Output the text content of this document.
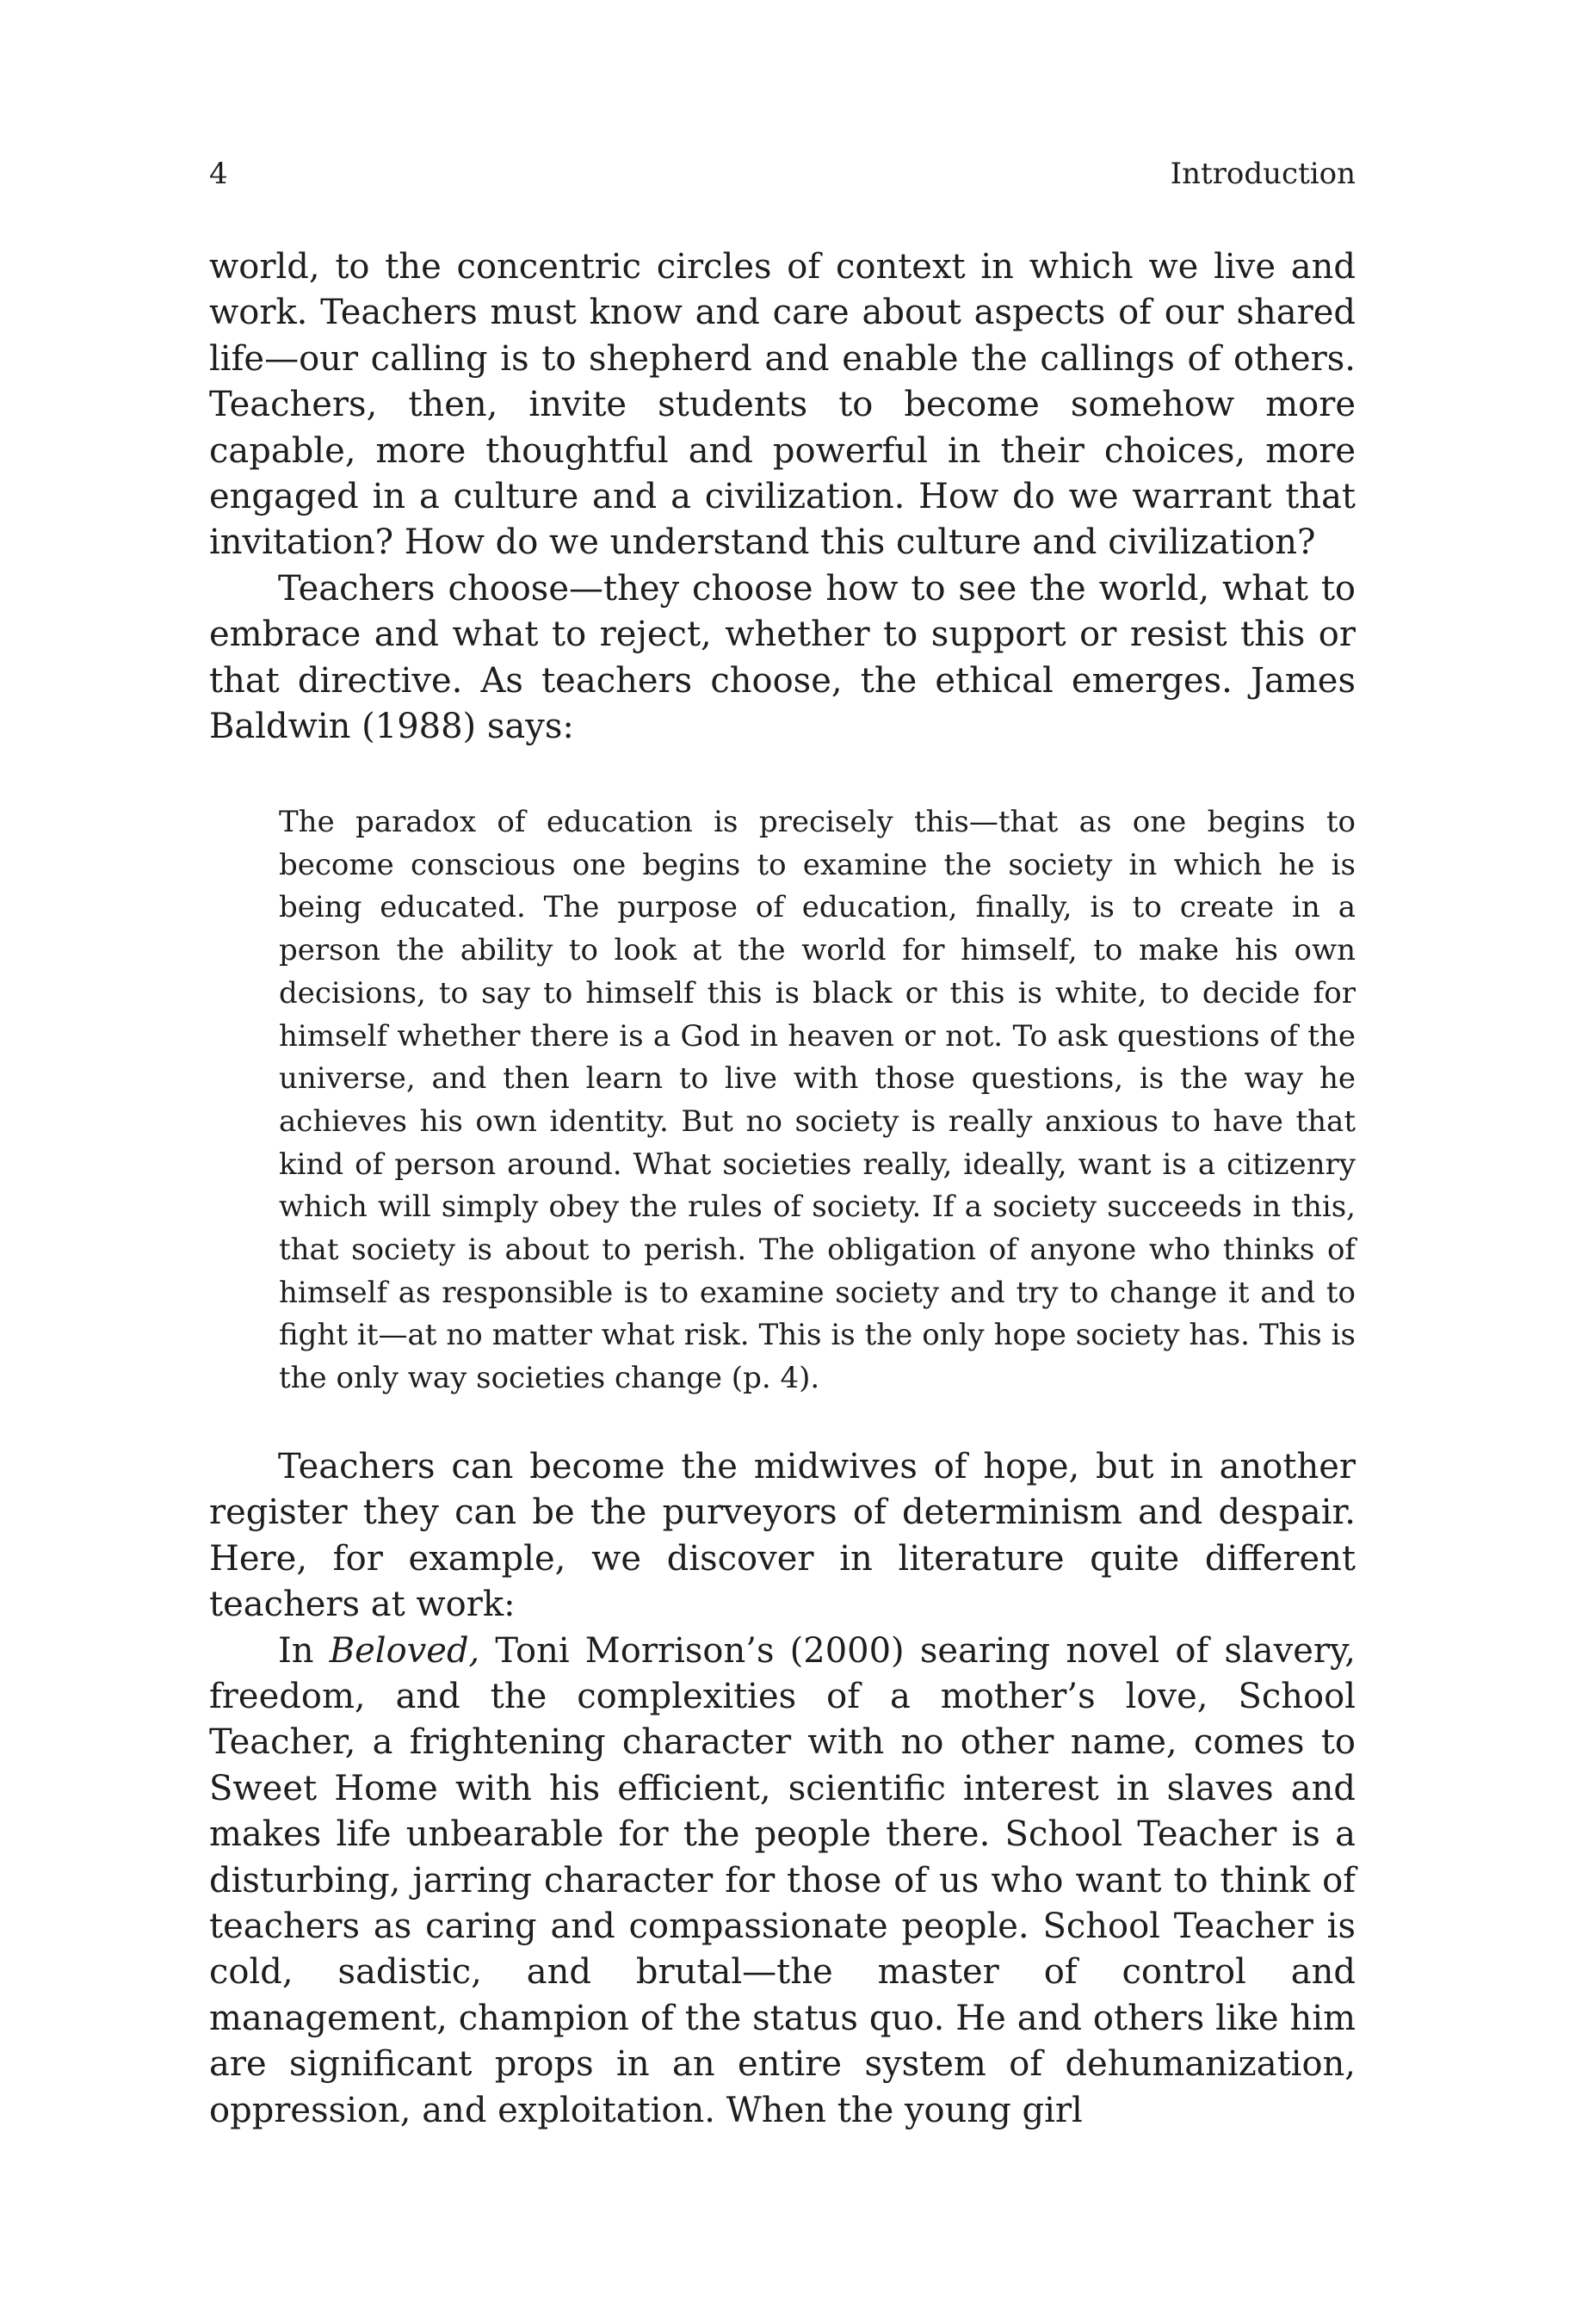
4	Introduction

world, to the concentric circles of context in which we live and work. Teachers must know and care about aspects of our shared life—our calling is to shepherd and enable the callings of others. Teachers, then, invite students to become somehow more capable, more thoughtful and powerful in their choices, more engaged in a culture and a civilization. How do we warrant that invitation? How do we understand this culture and civilization?

Teachers choose—they choose how to see the world, what to embrace and what to reject, whether to support or resist this or that directive. As teachers choose, the ethical emerges. James Baldwin (1988) says:

The paradox of education is precisely this—that as one begins to become conscious one begins to examine the society in which he is being educated. The purpose of education, finally, is to create in a person the ability to look at the world for himself, to make his own decisions, to say to himself this is black or this is white, to decide for himself whether there is a God in heaven or not. To ask questions of the universe, and then learn to live with those questions, is the way he achieves his own identity. But no society is really anxious to have that kind of person around. What societies really, ideally, want is a citizenry which will simply obey the rules of society. If a society succeeds in this, that society is about to perish. The obligation of anyone who thinks of himself as responsible is to examine society and try to change it and to fight it—at no matter what risk. This is the only hope society has. This is the only way societies change (p. 4).

Teachers can become the midwives of hope, but in another register they can be the purveyors of determinism and despair. Here, for example, we discover in literature quite different teachers at work:

In Beloved, Toni Morrison’s (2000) searing novel of slavery, freedom, and the complexities of a mother’s love, School Teacher, a frightening character with no other name, comes to Sweet Home with his efficient, scientific interest in slaves and makes life unbearable for the people there. School Teacher is a disturbing, jarring character for those of us who want to think of teachers as caring and compassionate people. School Teacher is cold, sadistic, and brutal—the master of control and management, champion of the status quo. He and others like him are significant props in an entire system of dehumanization, oppression, and exploitation. When the young girl
